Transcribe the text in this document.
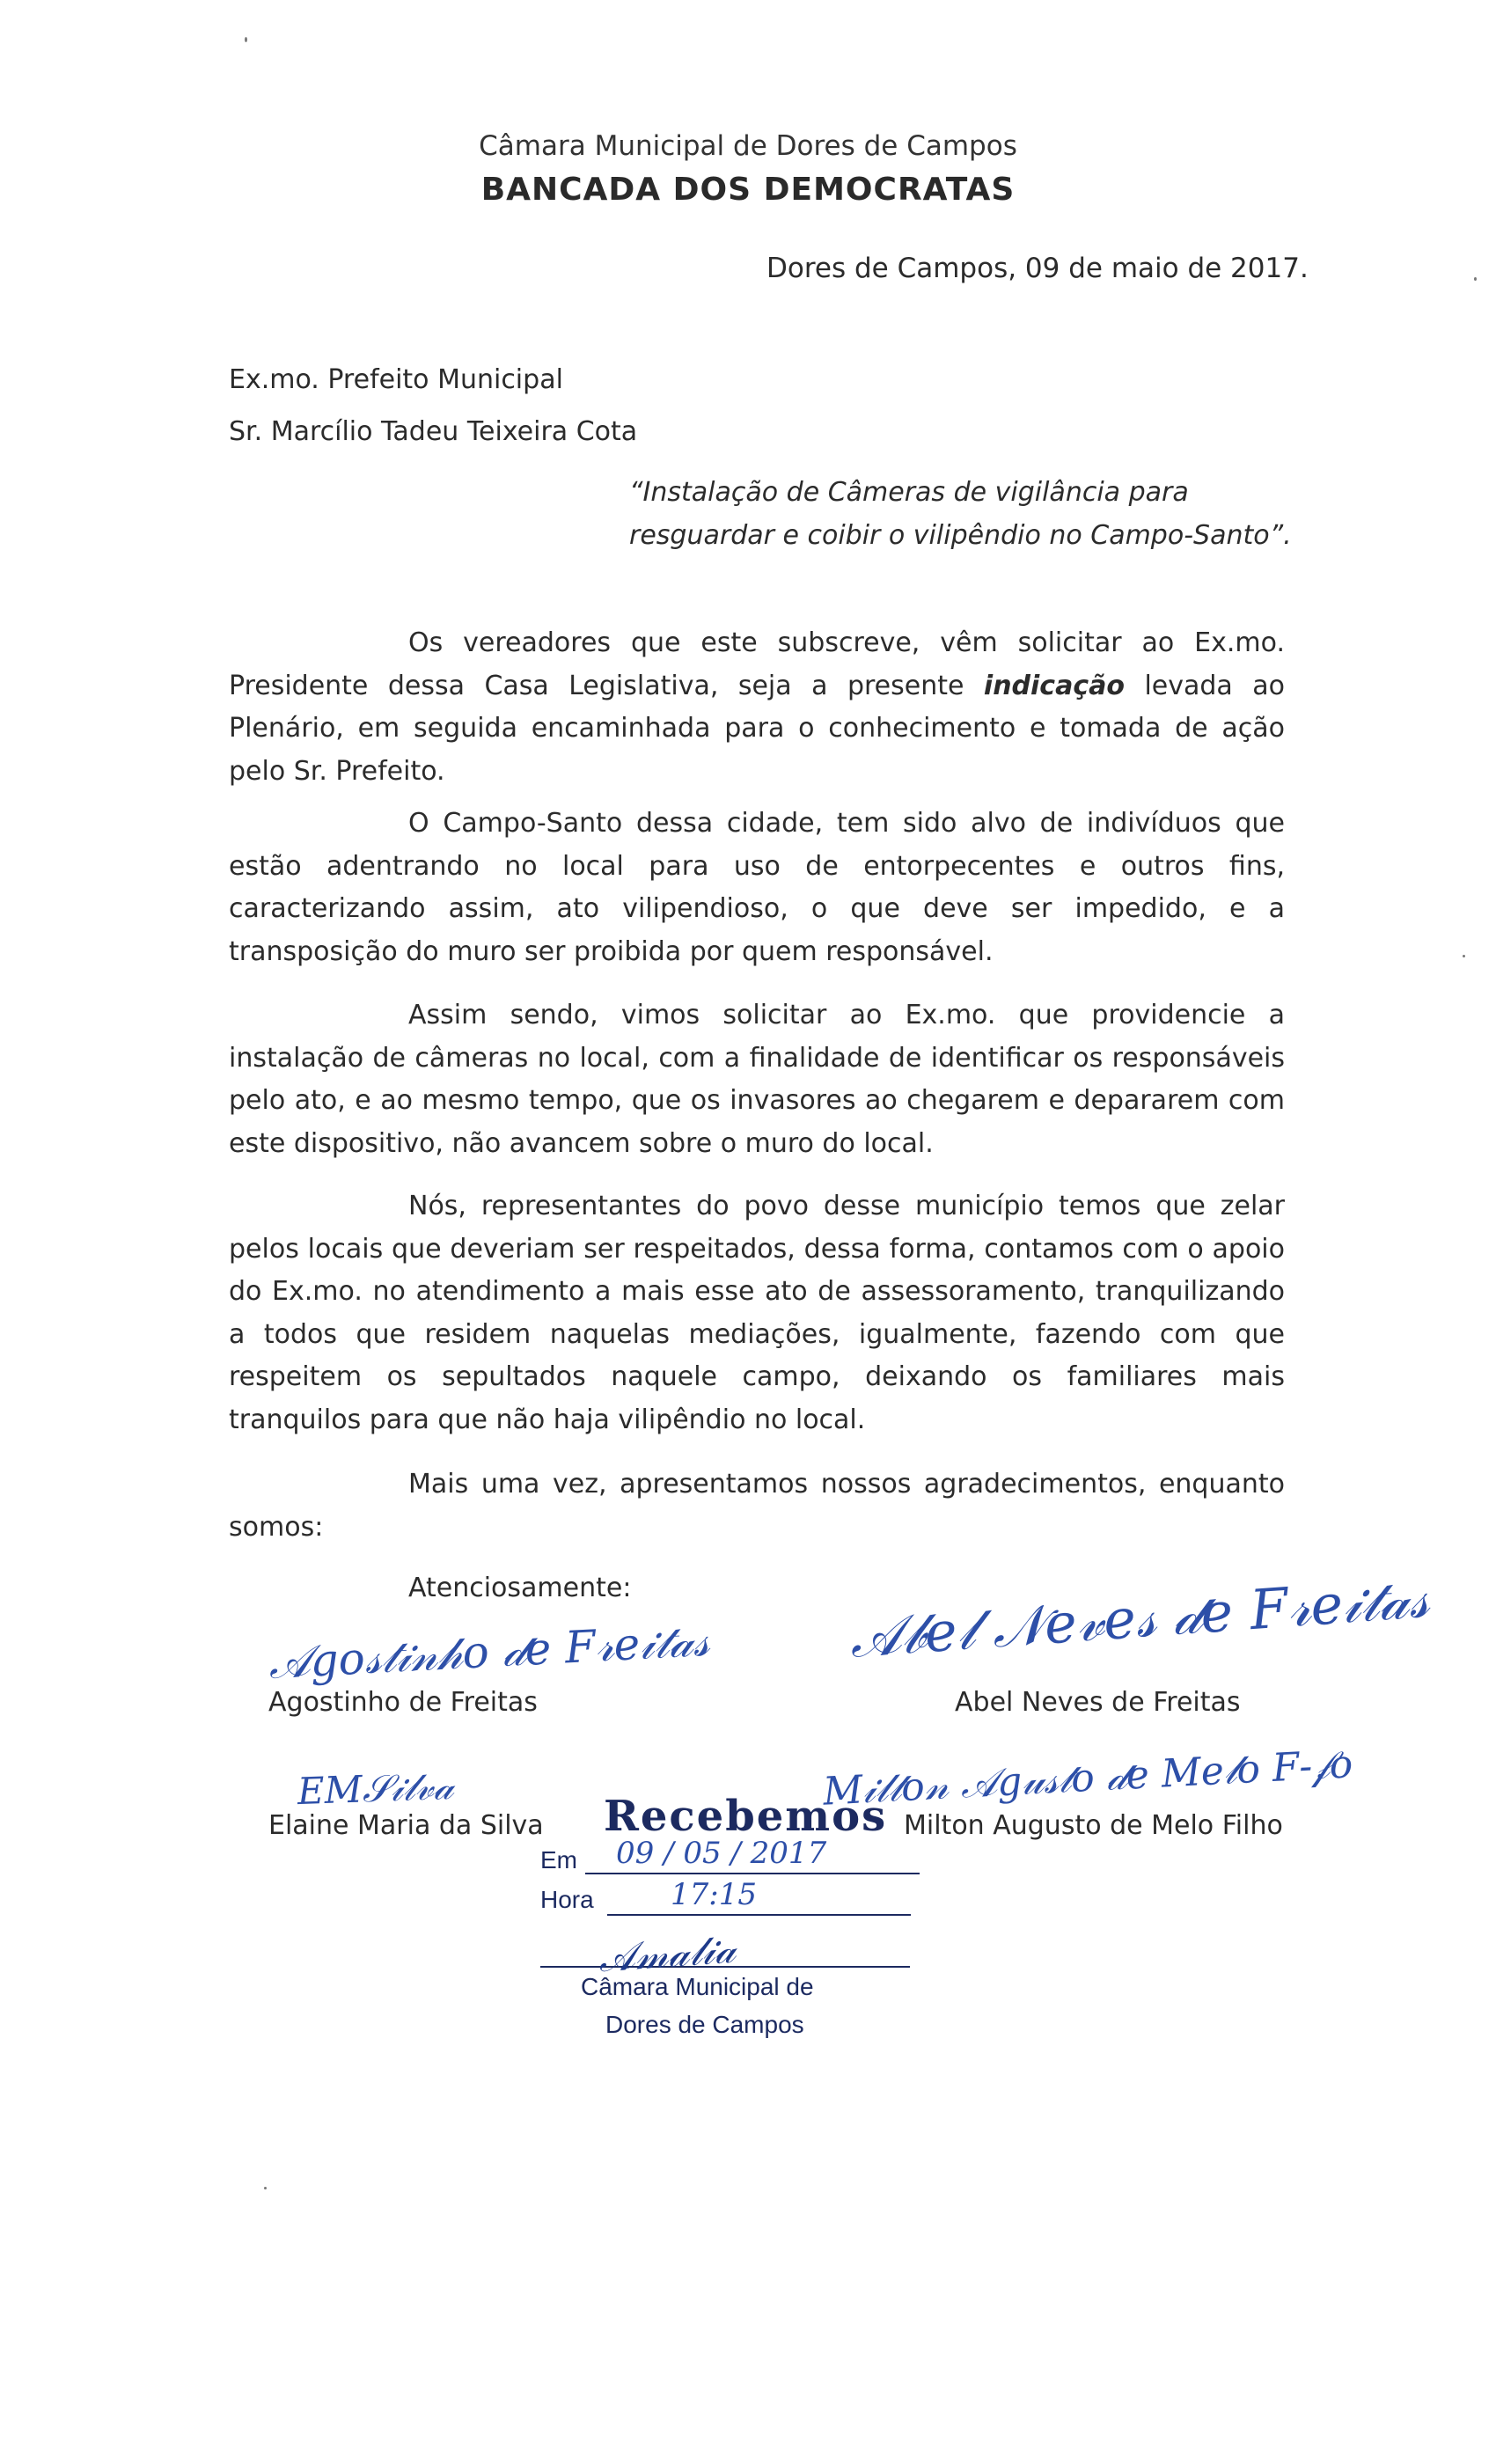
Câmara Municipal de Dores de Campos
BANCADA DOS DEMOCRATAS
Dores de Campos, 09 de maio de 2017.
Ex.mo. Prefeito Municipal
Sr. Marcílio Tadeu Teixeira Cota
“Instalação de Câmeras de vigilância para resguardar e coibir o vilipêndio no Campo-Santo”.

Os vereadores que este subscreve, vêm solicitar ao Ex.mo. Presidente dessa Casa Legislativa, seja a presente indicação levada ao Plenário, em seguida encaminhada para o conhecimento e tomada de ação pelo Sr. Prefeito.

O Campo-Santo dessa cidade, tem sido alvo de indivíduos que estão adentrando no local para uso de entorpecentes e outros fins, caracterizando assim, ato vilipendioso, o que deve ser impedido, e a transposição do muro ser proibida por quem responsável.

Assim sendo, vimos solicitar ao Ex.mo. que providencie a instalação de câmeras no local, com a finalidade de identificar os responsáveis pelo ato, e ao mesmo tempo, que os invasores ao chegarem e depararem com este dispositivo, não avancem sobre o muro do local.

Nós, representantes do povo desse município temos que zelar pelos locais que deveriam ser respeitados, dessa forma, contamos com o apoio do Ex.mo. no atendimento a mais esse ato de assessoramento, tranquilizando a todos que residem naquelas mediações, igualmente, fazendo com que respeitem os sepultados naquele campo, deixando os familiares mais tranquilos para que não haja vilipêndio no local.

Mais uma vez, apresentamos nossos agradecimentos, enquanto somos:
Atenciosamente:
𝒜𝑔𝑜𝓈𝓉𝒾𝓃𝒽𝑜 𝒹𝑒 𝐹𝓇𝑒𝒾𝓉𝒶𝓈
Agostinho de Freitas
𝒜𝒷𝑒𝓁 𝒩𝑒𝓋𝑒𝓈 𝒹𝑒 𝐹𝓇𝑒𝒾𝓉𝒶𝓈
Abel Neves de Freitas
𝐸𝑀𝒮𝒾𝓁𝓋𝒶
Elaine Maria da Silva
𝑀𝒾𝓁𝓉𝑜𝓃 𝒜𝑔𝓊𝓈𝓉𝑜 𝒹𝑒 𝑀𝑒𝓁𝑜 𝐹-𝒻𝑜
Milton Augusto de Melo Filho
Recebemos
Em 09 / 05 / 2017
Hora	17:15
𝒜𝓂𝒶𝓁𝒾𝒶
Câmara Municipal de
Dores de Campos
